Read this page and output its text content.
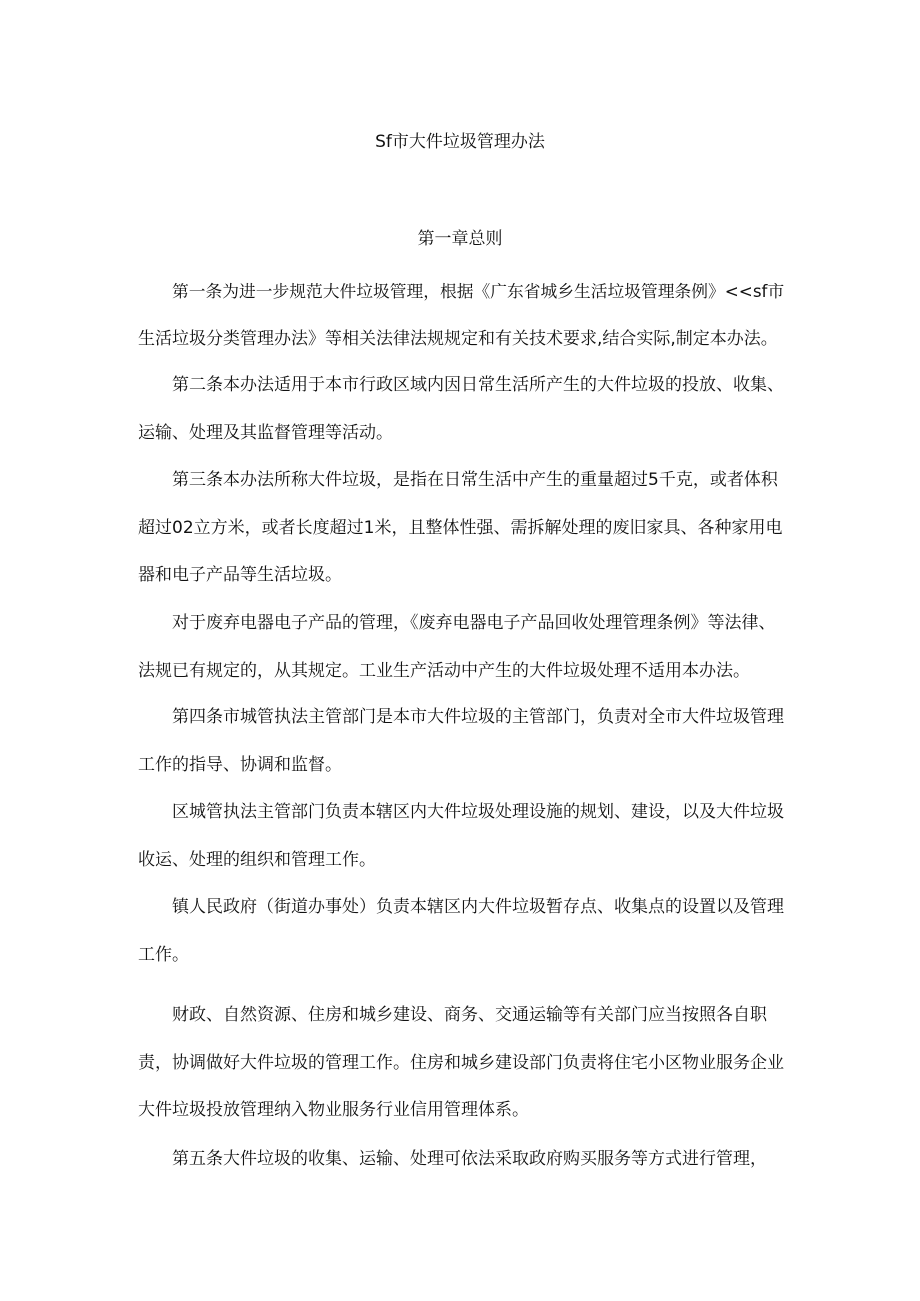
Sf市大件垃圾管理办法
第一章总则
第一条为进一步规范大件垃圾管理，根据《广东省城乡生活垃圾管理条例》<<sf市
生活垃圾分类管理办法》等相关法律法规规定和有关技术要求,结合实际,制定本办法。
第二条本办法适用于本市行政区域内因日常生活所产生的大件垃圾的投放、收集、
运输、处理及其监督管理等活动。
第三条本办法所称大件垃圾，是指在日常生活中产生的重量超过5千克，或者体积
超过02立方米，或者长度超过1米，且整体性强、需拆解处理的废旧家具、各种家用电
器和电子产品等生活垃圾。
对于废弃电器电子产品的管理，《废弃电器电子产品回收处理管理条例》等法律、
法规已有规定的，从其规定。工业生产活动中产生的大件垃圾处理不适用本办法。
第四条市城管执法主管部门是本市大件垃圾的主管部门，负责对全市大件垃圾管理
工作的指导、协调和监督。
区城管执法主管部门负责本辖区内大件垃圾处理设施的规划、建设，以及大件垃圾
收运、处理的组织和管理工作。
镇人民政府（街道办事处）负责本辖区内大件垃圾暂存点、收集点的设置以及管理
工作。
财政、自然资源、住房和城乡建设、商务、交通运输等有关部门应当按照各自职
责，协调做好大件垃圾的管理工作。住房和城乡建设部门负责将住宅小区物业服务企业
大件垃圾投放管理纳入物业服务行业信用管理体系。
第五条大件垃圾的收集、运输、处理可依法采取政府购买服务等方式进行管理，
